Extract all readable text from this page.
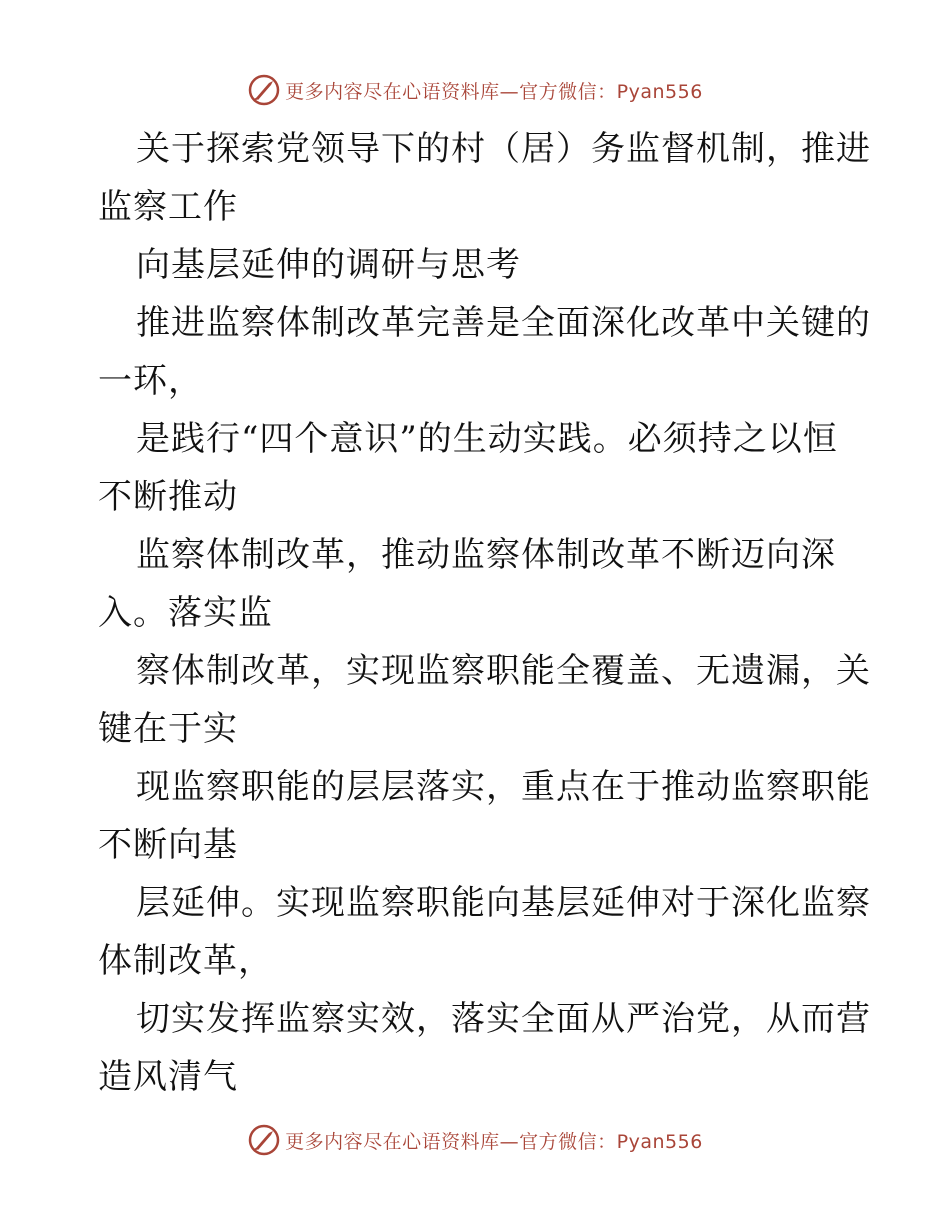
更多内容尽在心语资料库—官方微信：Pyan556
关于探索党领导下的村（居）务监督机制，推进
监察工作
向基层延伸的调研与思考
推进监察体制改革完善是全面深化改革中关键的
一环，
是践行“四个意识”的生动实践。必须持之以恒
不断推动
监察体制改革，推动监察体制改革不断迈向深
入。落实监
察体制改革，实现监察职能全覆盖、无遗漏，关
键在于实
现监察职能的层层落实，重点在于推动监察职能
不断向基
层延伸。实现监察职能向基层延伸对于深化监察
体制改革，
切实发挥监察实效，落实全面从严治党，从而营
造风清气
更多内容尽在心语资料库—官方微信：Pyan556
